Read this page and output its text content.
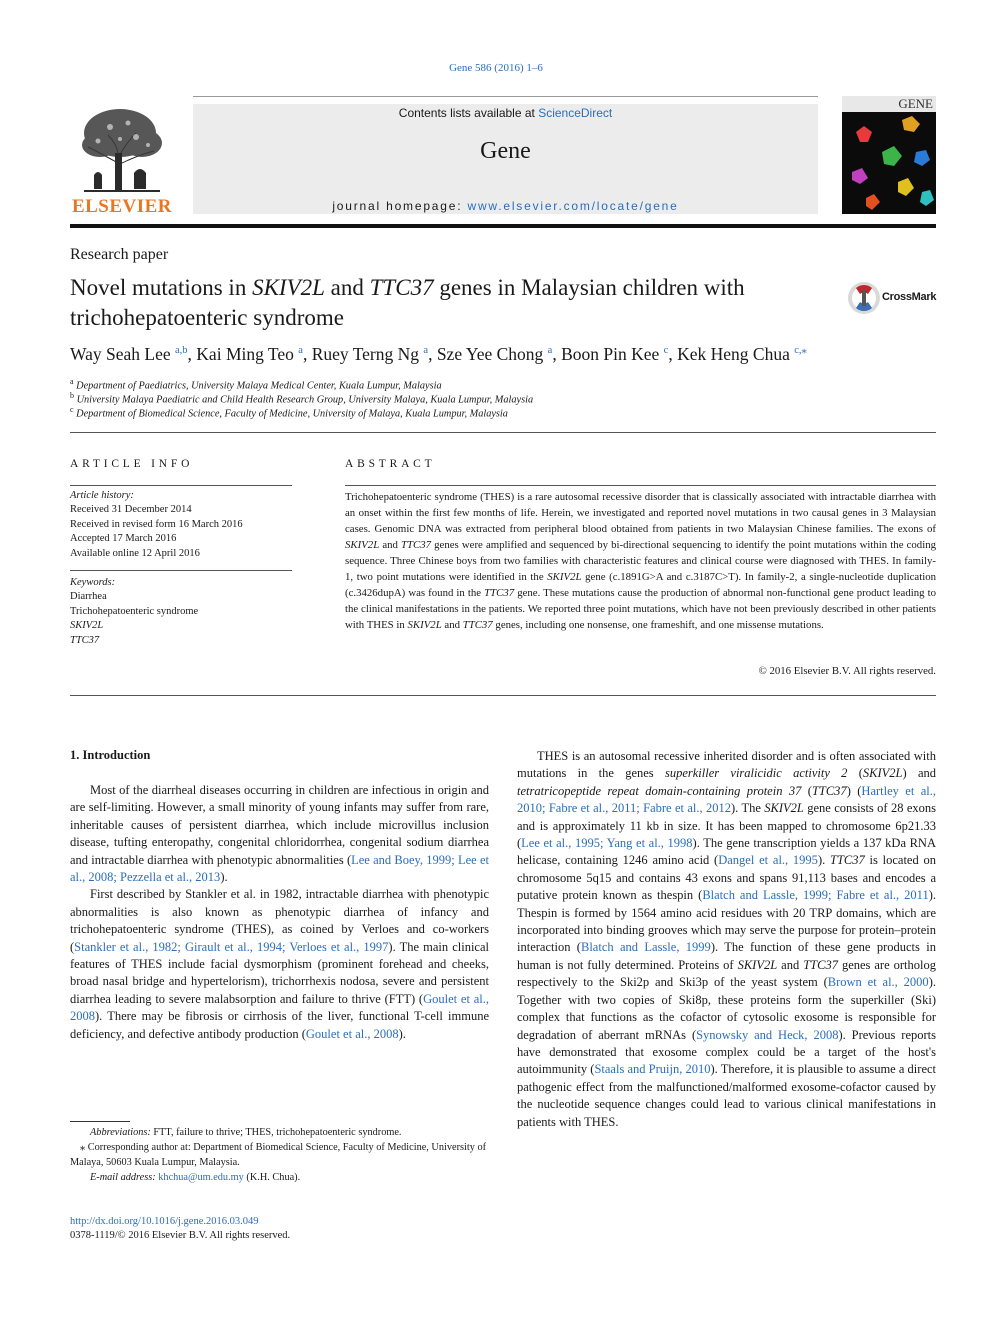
Gene 586 (2016) 1–6
ELSEVIER
Contents lists available at ScienceDirect
Gene
journal homepage: www.elsevier.com/locate/gene
GENE
Research paper
Novel mutations in SKIV2L and TTC37 genes in Malaysian children with trichohepatoenteric syndrome
CrossMark
Way Seah Lee $^{a,b}$, Kai Ming Teo $^a$, Ruey Terng Ng $^a$, Sze Yee Chong $^a$, Boon Pin Kee $^c$, Kek Heng Chua $^{c,⁎}$
$^a$ Department of Paediatrics, University Malaya Medical Center, Kuala Lumpur, Malaysia
$^b$ University Malaya Paediatric and Child Health Research Group, University Malaya, Kuala Lumpur, Malaysia
$^c$ Department of Biomedical Science, Faculty of Medicine, University of Malaya, Kuala Lumpur, Malaysia
ARTICLE INFO
Article history:
Received 31 December 2014
Received in revised form 16 March 2016
Accepted 17 March 2016
Available online 12 April 2016
Keywords:
Diarrhea
Trichohepatoenteric syndrome
SKIV2L
TTC37
ABSTRACT
Trichohepatoenteric syndrome (THES) is a rare autosomal recessive disorder that is classically associated with intractable diarrhea with an onset within the first few months of life. Herein, we investigated and reported novel mutations in two causal genes in 3 Malaysian cases. Genomic DNA was extracted from peripheral blood obtained from patients in two Malaysian Chinese families. The exons of SKIV2L and TTC37 genes were amplified and sequenced by bi-directional sequencing to identify the point mutations within the coding sequence. Three Chinese boys from two families with characteristic features and clinical course were diagnosed with THES. In family-1, two point mutations were identified in the SKIV2L gene (c.1891G>A and c.3187C>T). In family-2, a single-nucleotide duplication (c.3426dupA) was found in the TTC37 gene. These mutations cause the production of abnormal non-functional gene product leading to the clinical manifestations in the patients. We reported three point mutations, which have not been previously described in other patients with THES in SKIV2L and TTC37 genes, including one nonsense, one frameshift, and one missense mutations.
© 2016 Elsevier B.V. All rights reserved.
1. Introduction

Most of the diarrheal diseases occurring in children are infectious in origin and are self-limiting. However, a small minority of young infants may suffer from rare, inheritable causes of persistent diarrhea, which include microvillus inclusion disease, tufting enteropathy, congenital chloridorrhea, congenital sodium diarrhea and intractable diarrhea with phenotypic abnormalities (Lee and Boey, 1999; Lee et al., 2008; Pezzella et al., 2013).

First described by Stankler et al. in 1982, intractable diarrhea with phenotypic abnormalities is also known as phenotypic diarrhea of infancy and trichohepatoenteric syndrome (THES), as coined by Verloes and co-workers (Stankler et al., 1982; Girault et al., 1994; Verloes et al., 1997). The main clinical features of THES include facial dysmorphism (prominent forehead and cheeks, broad nasal bridge and hypertelorism), trichorrhexis nodosa, severe and persistent diarrhea leading to severe malabsorption and failure to thrive (FTT) (Goulet et al., 2008). There may be fibrosis or cirrhosis of the liver, functional T-cell immune deficiency, and defective antibody production (Goulet et al., 2008).

THES is an autosomal recessive inherited disorder and is often associated with mutations in the genes superkiller viralicidic activity 2 (SKIV2L) and tetratricopeptide repeat domain-containing protein 37 (TTC37) (Hartley et al., 2010; Fabre et al., 2011; Fabre et al., 2012). The SKIV2L gene consists of 28 exons and is approximately 11 kb in size. It has been mapped to chromosome 6p21.33 (Lee et al., 1995; Yang et al., 1998). The gene transcription yields a 137 kDa RNA helicase, containing 1246 amino acid (Dangel et al., 1995). TTC37 is located on chromosome 5q15 and contains 43 exons and spans 91,113 bases and encodes a putative protein known as thespin (Blatch and Lassle, 1999; Fabre et al., 2011). Thespin is formed by 1564 amino acid residues with 20 TRP domains, which are incorporated into binding grooves which may serve the purpose for protein–protein interaction (Blatch and Lassle, 1999). The function of these gene products in human is not fully determined. Proteins of SKIV2L and TTC37 genes are ortholog respectively to the Ski2p and Ski3p of the yeast system (Brown et al., 2000). Together with two copies of Ski8p, these proteins form the superkiller (Ski) complex that functions as the cofactor of cytosolic exosome is responsible for degradation of aberrant mRNAs (Synowsky and Heck, 2008). Previous reports have demonstrated that exosome complex could be a target of the host's autoimmunity (Staals and Pruijn, 2010). Therefore, it is plausible to assume a direct pathogenic effect from the malfunctioned/malformed exosome-cofactor caused by the nucleotide sequence changes could lead to various clinical manifestations in patients with THES.

Abbreviations: FTT, failure to thrive; THES, trichohepatoenteric syndrome.
⁎ Corresponding author at: Department of Biomedical Science, Faculty of Medicine, University of Malaya, 50603 Kuala Lumpur, Malaysia.
E-mail address: khchua@um.edu.my (K.H. Chua).
http://dx.doi.org/10.1016/j.gene.2016.03.049
0378-1119/© 2016 Elsevier B.V. All rights reserved.
